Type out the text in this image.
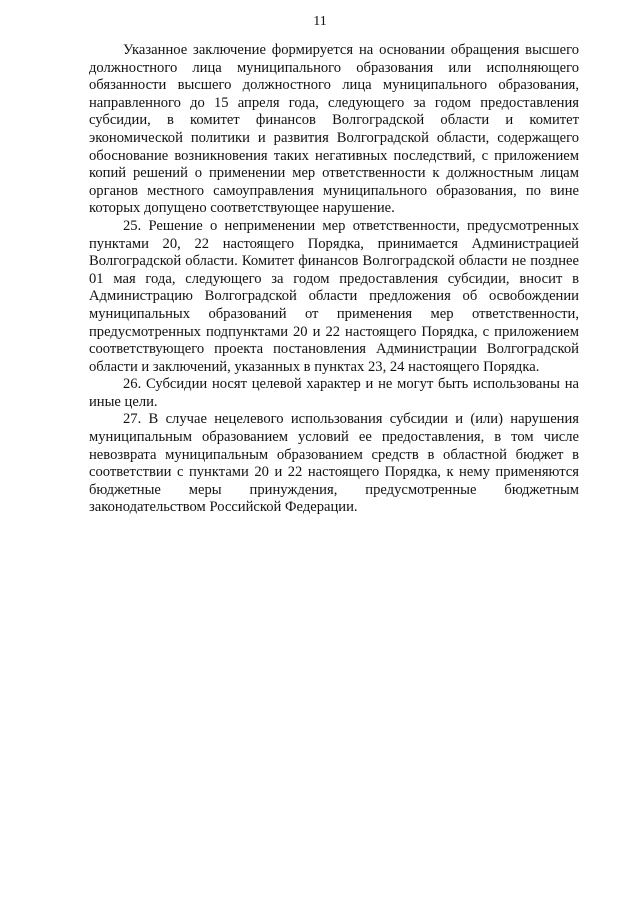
11

Указанное заключение формируется на основании обращения высшего должностного лица муниципального образования или исполняющего обязанности высшего должностного лица муниципального образования, направленного до 15 апреля года, следующего за годом предоставления субсидии, в комитет финансов Волгоградской области и комитет экономической политики и развития Волгоградской области, содержащего обоснование возникновения таких негативных последствий, с приложением копий решений о применении мер ответственности к должностным лицам органов местного самоуправления муниципального образования, по вине которых допущено соответствующее нарушение.

25. Решение о неприменении мер ответственности, предусмотренных пунктами 20, 22 настоящего Порядка, принимается Администрацией Волгоградской области. Комитет финансов Волгоградской области не позднее 01 мая года, следующего за годом предоставления субсидии, вносит в Администрацию Волгоградской области предложения об освобождении муниципальных образований от применения мер ответственности, предусмотренных подпунктами 20 и 22 настоящего Порядка, с приложением соответствующего проекта постановления Администрации Волгоградской области и заключений, указанных в пунктах 23, 24 настоящего Порядка.

26. Субсидии носят целевой характер и не могут быть использованы на иные цели.

27. В случае нецелевого использования субсидии и (или) нарушения муниципальным образованием условий ее предоставления, в том числе невозврата муниципальным образованием средств в областной бюджет в соответствии с пунктами 20 и 22 настоящего Порядка, к нему применяются бюджетные меры принуждения, предусмотренные бюджетным законодательством Российской Федерации.
